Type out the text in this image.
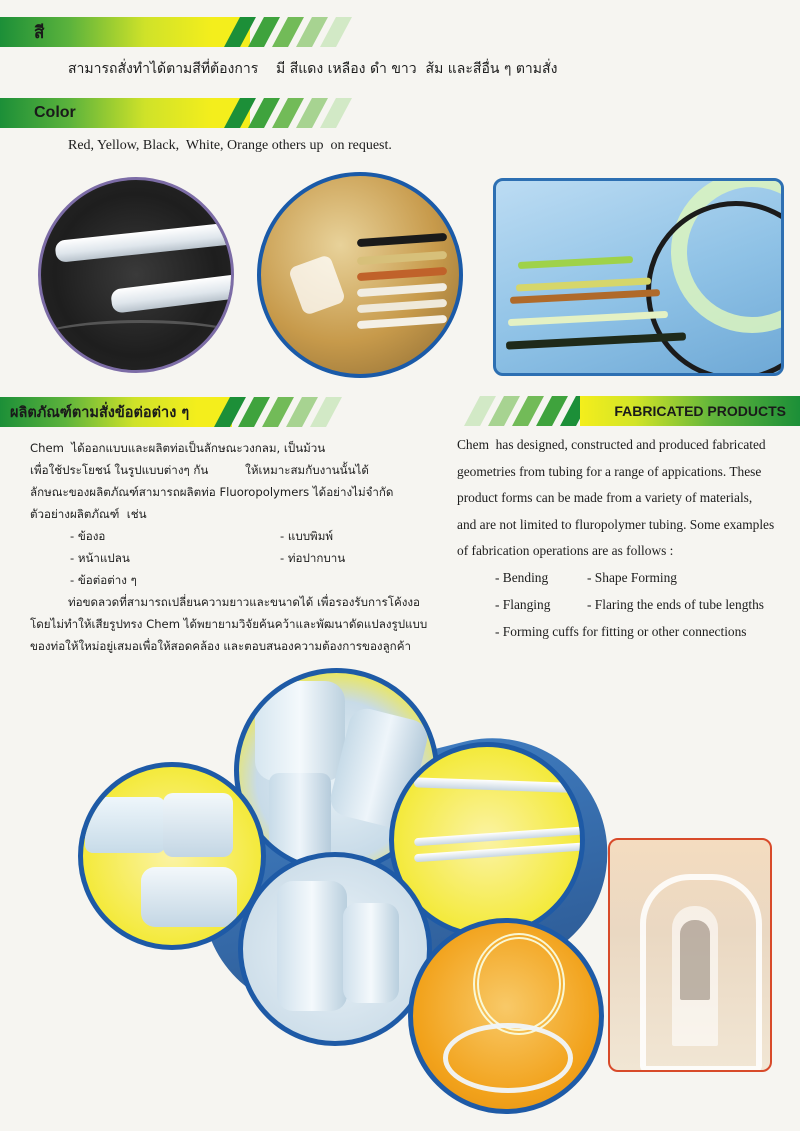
สี
สามารถสั่งทำได้ตามสีที่ต้องการ    มี สีแดง เหลือง ดำ ขาว  ส้ม และสีอื่น ๆ ตามสั่ง
Color
Red, Yellow, Black,  White, Orange others up  on request.
ผลิตภัณฑ์ตามสั่งข้อต่อต่าง ๆ	FABRICATED PRODUCTS
Chem  ได้ออกแบบและผลิตท่อเป็นลักษณะวงกลม, เป็นม้วน
เพื่อใช้ประโยชน์ ในรูปแบบต่างๆ กัน          ให้เหมาะสมกับงานนั้นได้
ลักษณะของผลิตภัณฑ์สามารถผลิตท่อ Fluoropolymers ได้อย่างไม่จำกัด
ตัวอย่างผลิตภัณฑ์  เช่น
- ข้องอ
- หน้าแปลน
- ข้อต่อต่าง ๆ
- แบบพิมพ์
- ท่อปากบาน
ท่อขดลวดที่สามารถเปลี่ยนความยาวและขนาดได้ เพื่อรองรับการโค้งงอ
โดยไม่ทำให้เสียรูปทรง Chem ได้พยายามวิจัยค้นคว้าและพัฒนาดัดแปลงรูปแบบ
ของท่อให้ใหม่อยู่เสมอเพื่อให้สอดคล้อง และตอบสนองความต้องการของลูกค้า
Chem  has designed, constructed and produced fabricated
geometries from tubing for a range of appications. These
product forms can be made from a variety of materials,
and are not limited to fluropolymer tubing. Some examples
of fabrication operations are as follows :
- Bending	- Shape Forming
- Flanging	- Flaring the ends of tube lengths
- Forming cuffs for fitting or other connections
